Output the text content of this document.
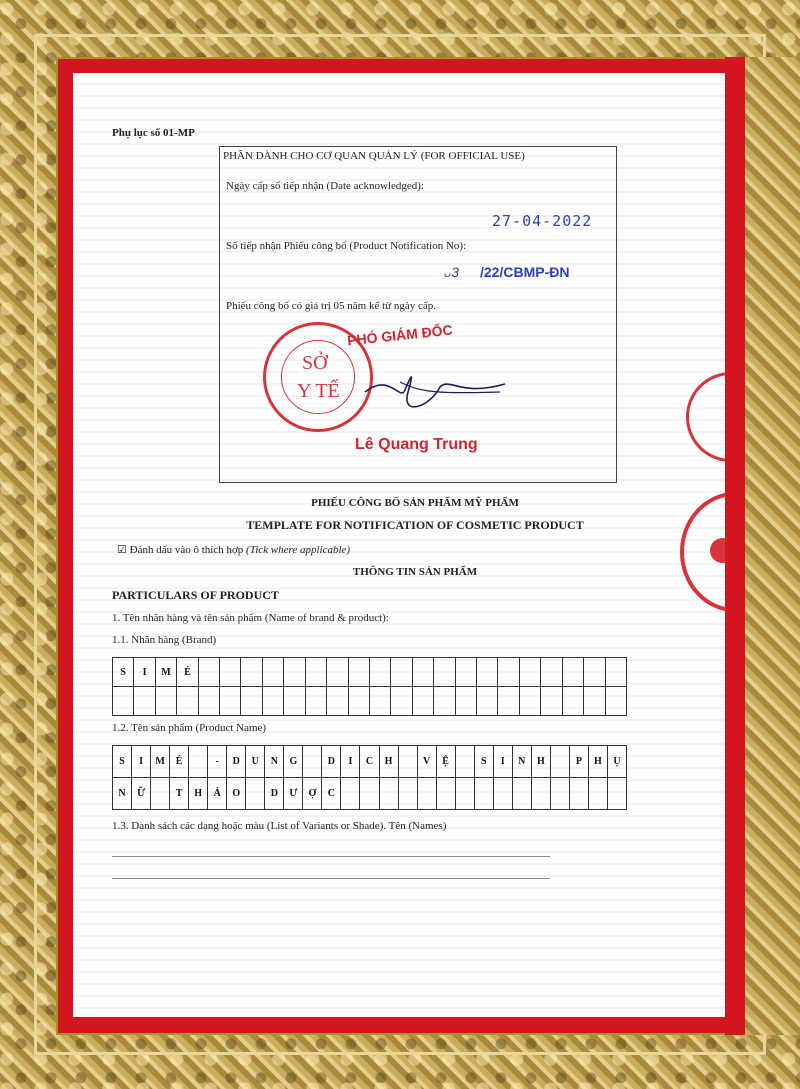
Phụ lục số 01-MP
PHẦN DÀNH CHO CƠ QUAN QUẢN LÝ (FOR OFFICIAL USE)
Ngày cấp số tiếp nhận (Date acknowledged):
27-04-2022
Số tiếp nhận Phiếu công bố (Product Notification No):
ᴗ3 /22/CBMP-ĐN
Phiếu công bố có giá trị 05 năm kể từ ngày cấp.
SỞ
Y TẾ
PHÓ GIÁM ĐỐC
Lê Quang Trung
PHIẾU CÔNG BỐ SẢN PHẨM MỸ PHẨM
TEMPLATE FOR NOTIFICATION OF COSMETIC PRODUCT
☑ Đánh dấu vào ô thích hợp (Tick where applicable)
THÔNG TIN SẢN PHẨM
PARTICULARS OF PRODUCT
1. Tên nhãn hàng và tên sản phẩm (Name of brand & product):
1.1. Nhãn hàng (Brand)
S	I	M	É
1.2. Tên sản phẩm (Product Name)
S	I	M	É	-	D	U	N	G	D	I	C	H	V	Ệ	S	I	N	H	P	H	Ụ
N	Ữ	T	H	Ả	O	D	Ư	Ợ	C
1.3. Danh sách các dạng hoặc màu (List of Variants or Shade). Tên (Names)
